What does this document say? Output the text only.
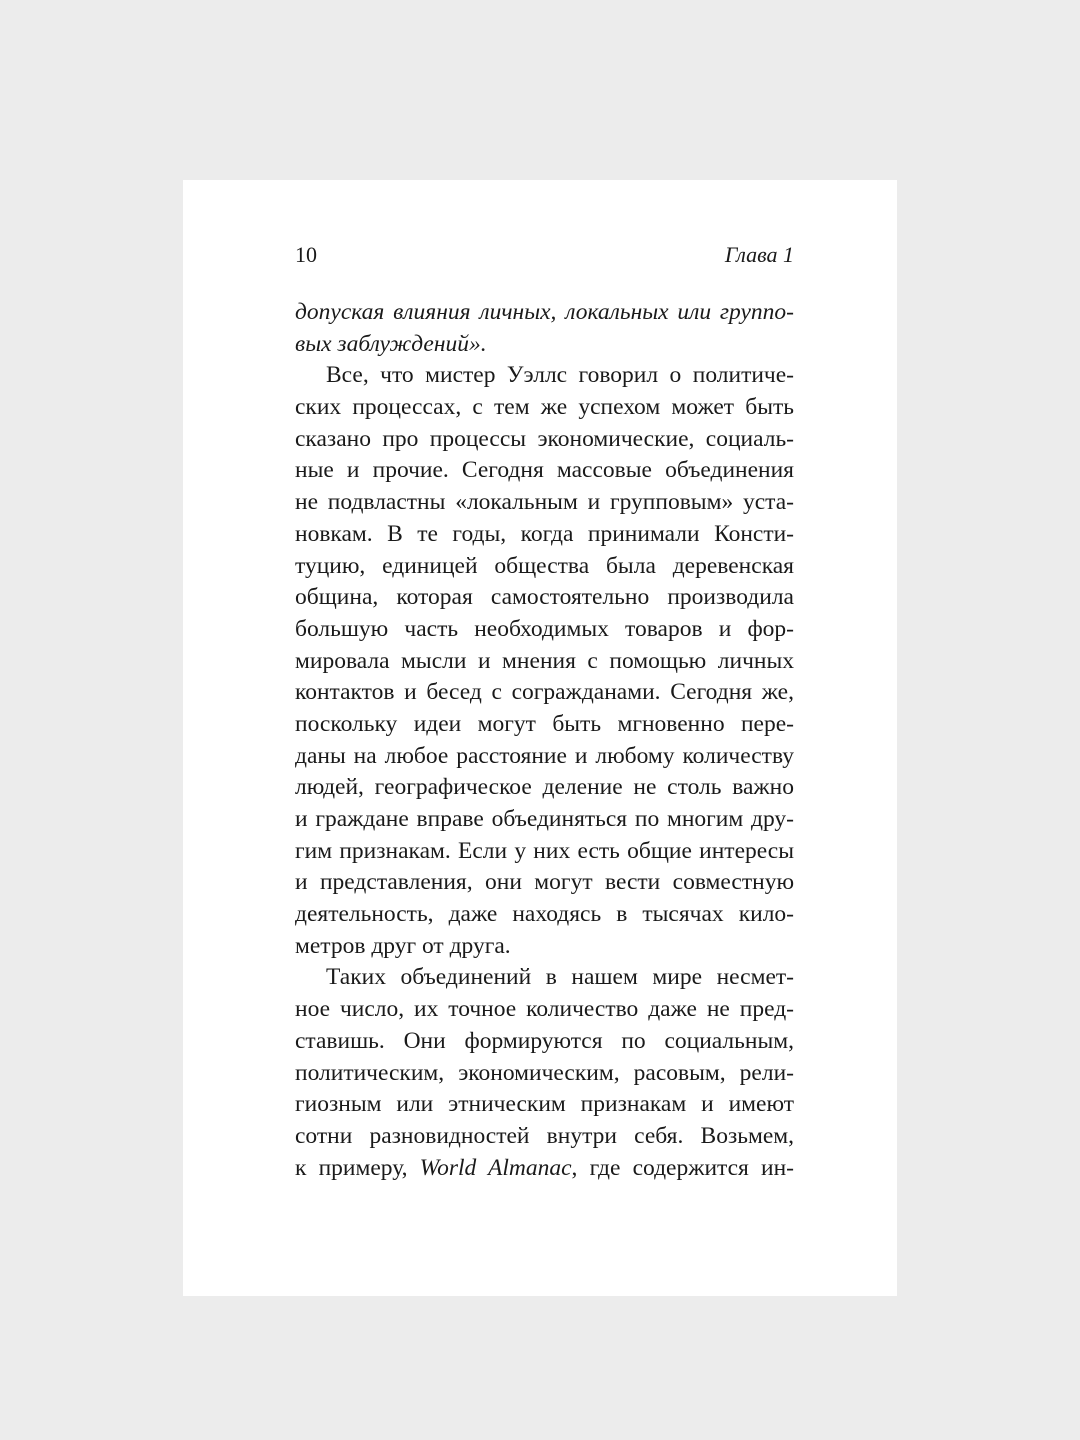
10	Глава 1
допуская влияния личных, локальных или группо-
вых заблуждений».
Все, что мистер Уэллс говорил о политиче-
ских процессах, с тем же успехом может быть
сказано про процессы экономические, социаль-
ные и прочие. Сегодня массовые объединения
не подвластны «локальным и групповым» уста-
новкам. В те годы, когда принимали Консти-
туцию, единицей общества была деревенская
община, которая самостоятельно производила
большую часть необходимых товаров и фор-
мировала мысли и мнения с помощью личных
контактов и бесед с согражданами. Сегодня же,
поскольку идеи могут быть мгновенно пере-
даны на любое расстояние и любому количеству
людей, географическое деление не столь важно
и граждане вправе объединяться по многим дру-
гим признакам. Если у них есть общие интересы
и представления, они могут вести совместную
деятельность, даже находясь в тысячах кило-
метров друг от друга.
Таких объединений в нашем мире несмет-
ное число, их точное количество даже не пред-
ставишь. Они формируются по социальным,
политическим, экономическим, расовым, рели-
гиозным или этническим признакам и имеют
сотни разновидностей внутри себя. Возьмем,
к примеру, World Almanac, где содержится ин-
